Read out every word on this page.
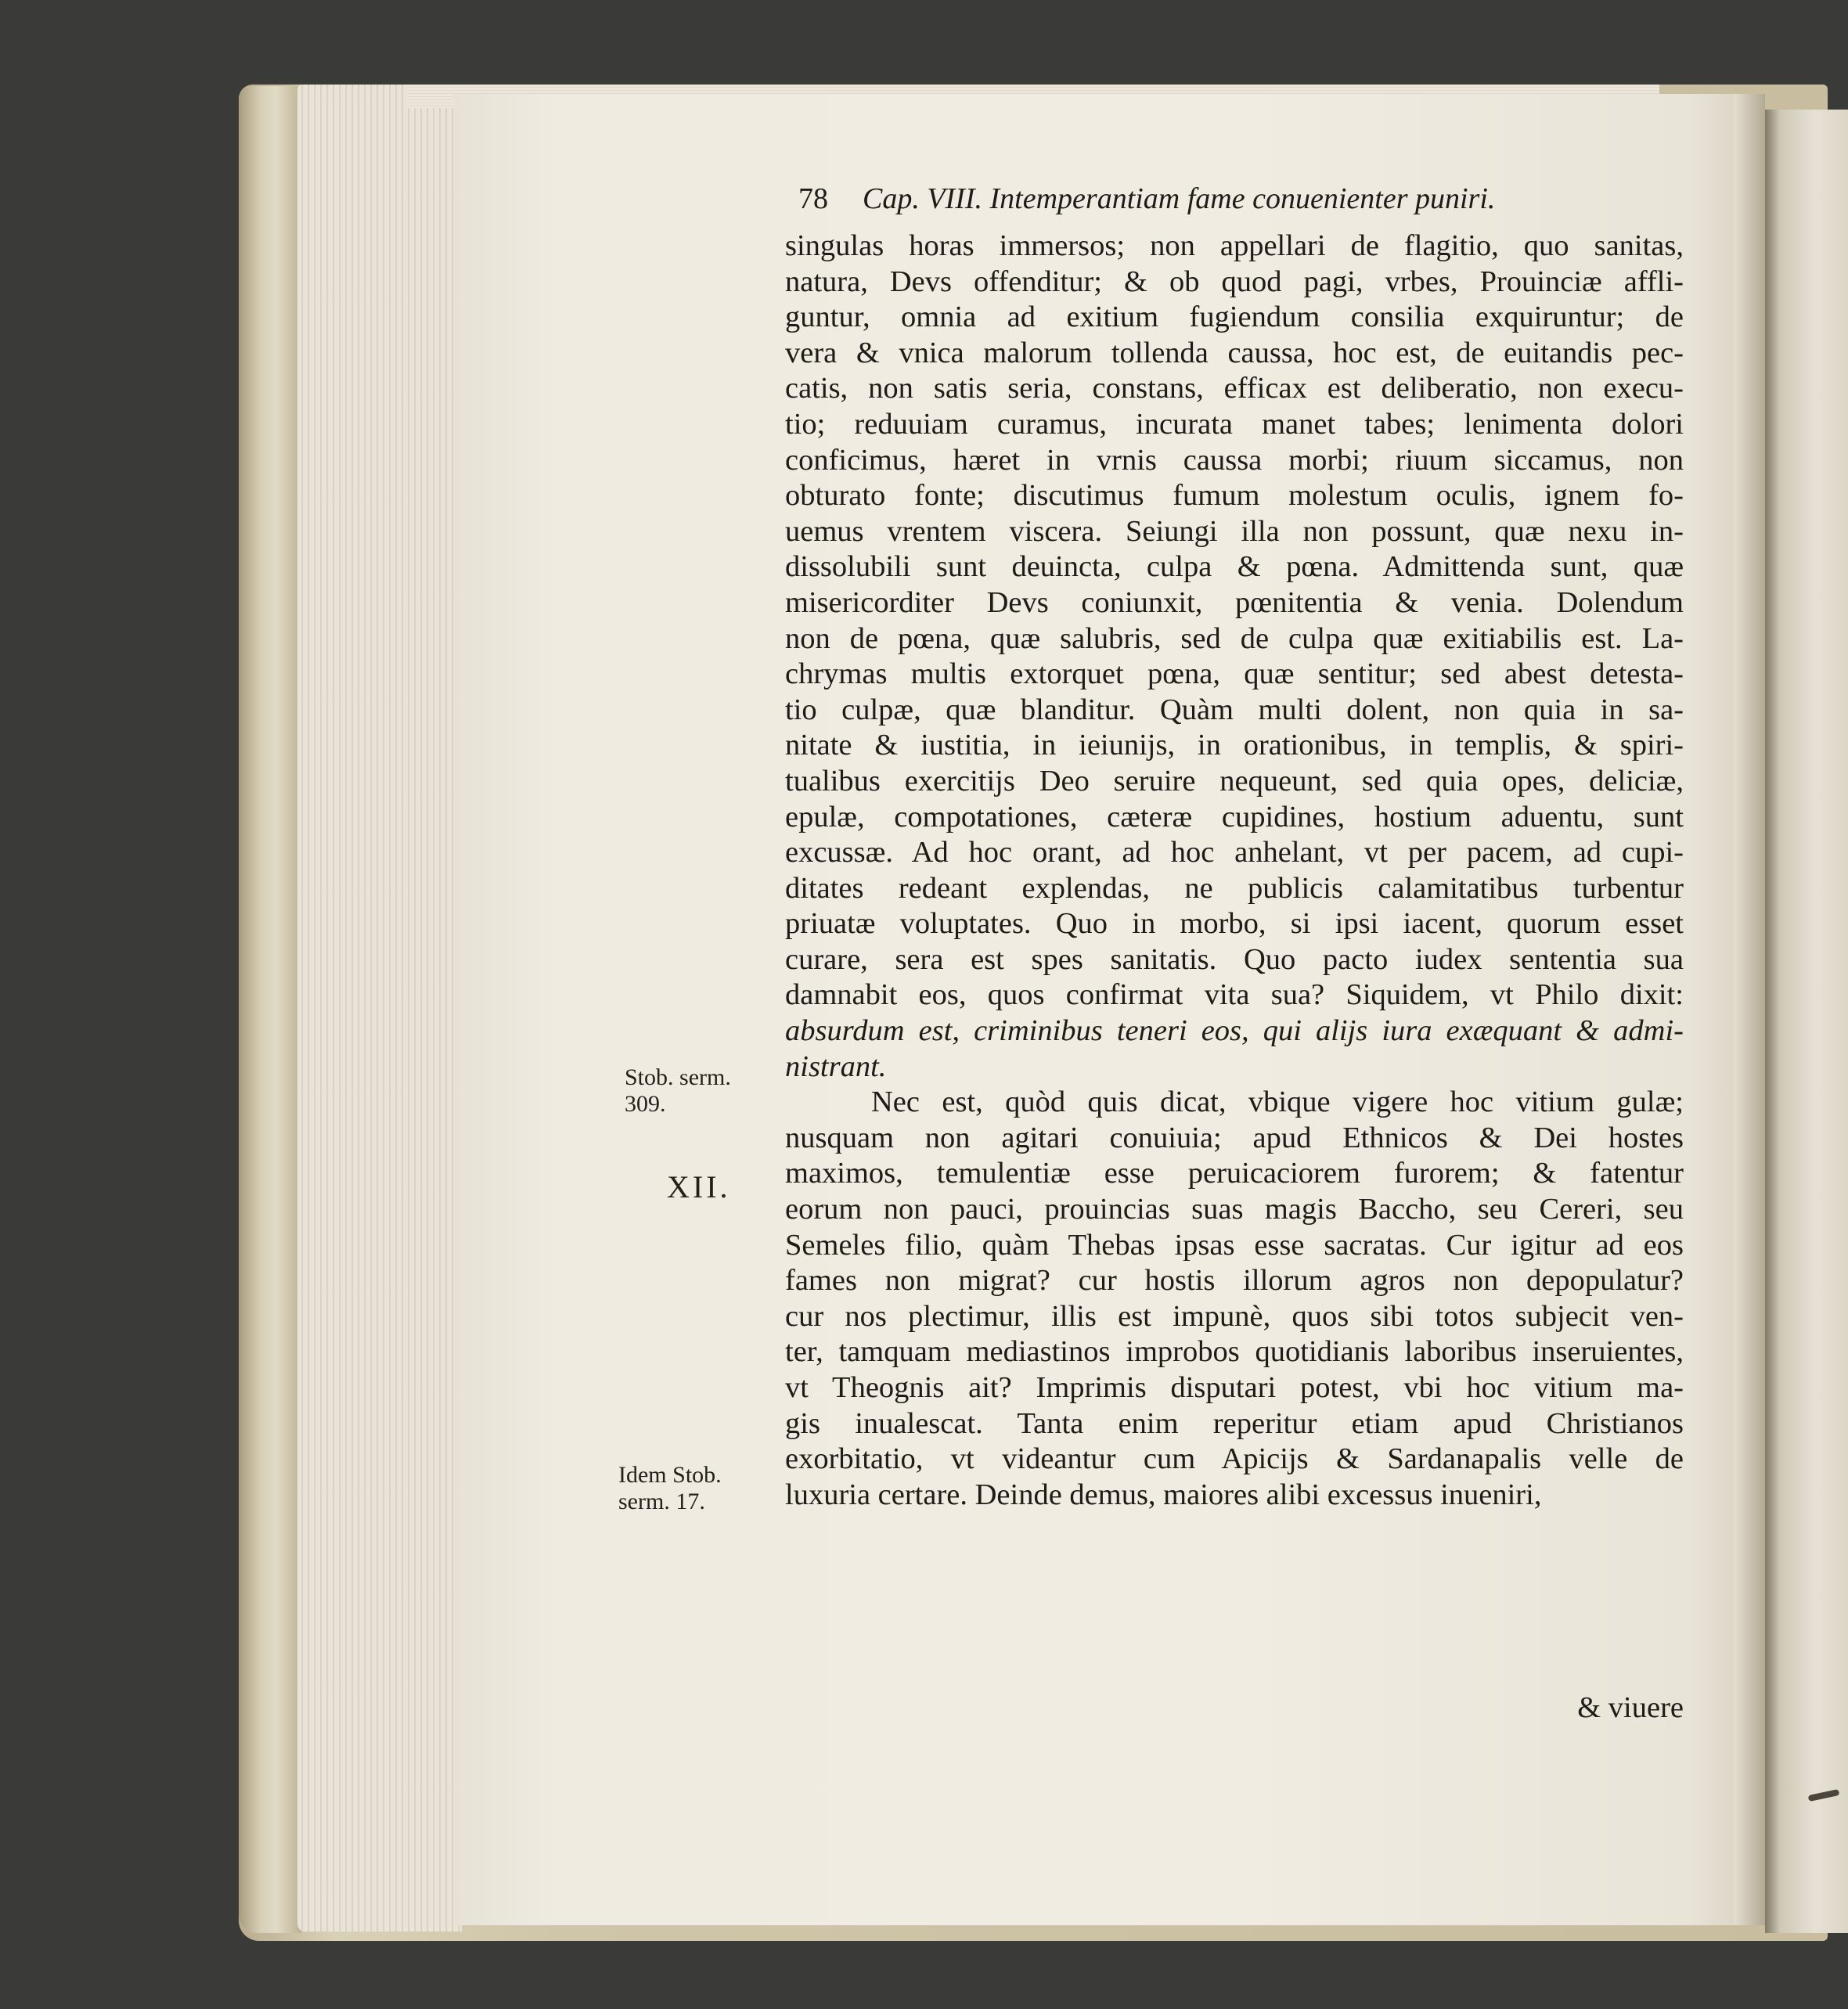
78 Cap. VIII. Intemperantiam fame conuenienter puniri.
singulas horas immersos; non appellari de flagitio, quo sanitas,
natura, Devs offenditur; & ob quod pagi, vrbes, Prouinciæ affli-
guntur, omnia ad exitium fugiendum consilia exquiruntur; de
vera & vnica malorum tollenda caussa, hoc est, de euitandis pec-
catis, non satis seria, constans, efficax est deliberatio, non execu-
tio; reduuiam curamus, incurata manet tabes; lenimenta dolori
conficimus, hæret in vrnis caussa morbi; riuum siccamus, non
obturato fonte; discutimus fumum molestum oculis, ignem fo-
uemus vrentem viscera. Seiungi illa non possunt, quæ nexu in-
dissolubili sunt deuincta, culpa & pœna. Admittenda sunt, quæ
misericorditer Devs coniunxit, pœnitentia & venia. Dolendum
non de pœna, quæ salubris, sed de culpa quæ exitiabilis est. La-
chrymas multis extorquet pœna, quæ sentitur; sed abest detesta-
tio culpæ, quæ blanditur. Quàm multi dolent, non quia in sa-
nitate & iustitia, in ieiunijs, in orationibus, in templis, & spiri-
tualibus exercitijs Deo seruire nequeunt, sed quia opes, deliciæ,
epulæ, compotationes, cæteræ cupidines, hostium aduentu, sunt
excussæ. Ad hoc orant, ad hoc anhelant, vt per pacem, ad cupi-
ditates redeant explendas, ne publicis calamitatibus turbentur
priuatæ voluptates. Quo in morbo, si ipsi iacent, quorum esset
curare, sera est spes sanitatis. Quo pacto iudex sententia sua
damnabit eos, quos confirmat vita sua? Siquidem, vt Philo dixit:
absurdum est, criminibus teneri eos, qui alijs iura exæquant & admi-
nistrant.
Nec est, quòd quis dicat, vbique vigere hoc vitium gulæ;
nusquam non agitari conuiuia; apud Ethnicos & Dei hostes
maximos, temulentiæ esse peruicaciorem furorem; & fatentur
eorum non pauci, prouincias suas magis Baccho, seu Cereri, seu
Semeles filio, quàm Thebas ipsas esse sacratas. Cur igitur ad eos
fames non migrat? cur hostis illorum agros non depopulatur?
cur nos plectimur, illis est impunè, quos sibi totos subjecit ven-
ter, tamquam mediastinos improbos quotidianis laboribus inseruientes,
vt Theognis ait? Imprimis disputari potest, vbi hoc vitium ma-
gis inualescat. Tanta enim reperitur etiam apud Christianos
exorbitatio, vt videantur cum Apicijs & Sardanapalis velle de
luxuria certare. Deinde demus, maiores alibi excessus inueniri,
Stob. serm.
309.
XII.
Idem Stob.
serm. 17.
& viuere
